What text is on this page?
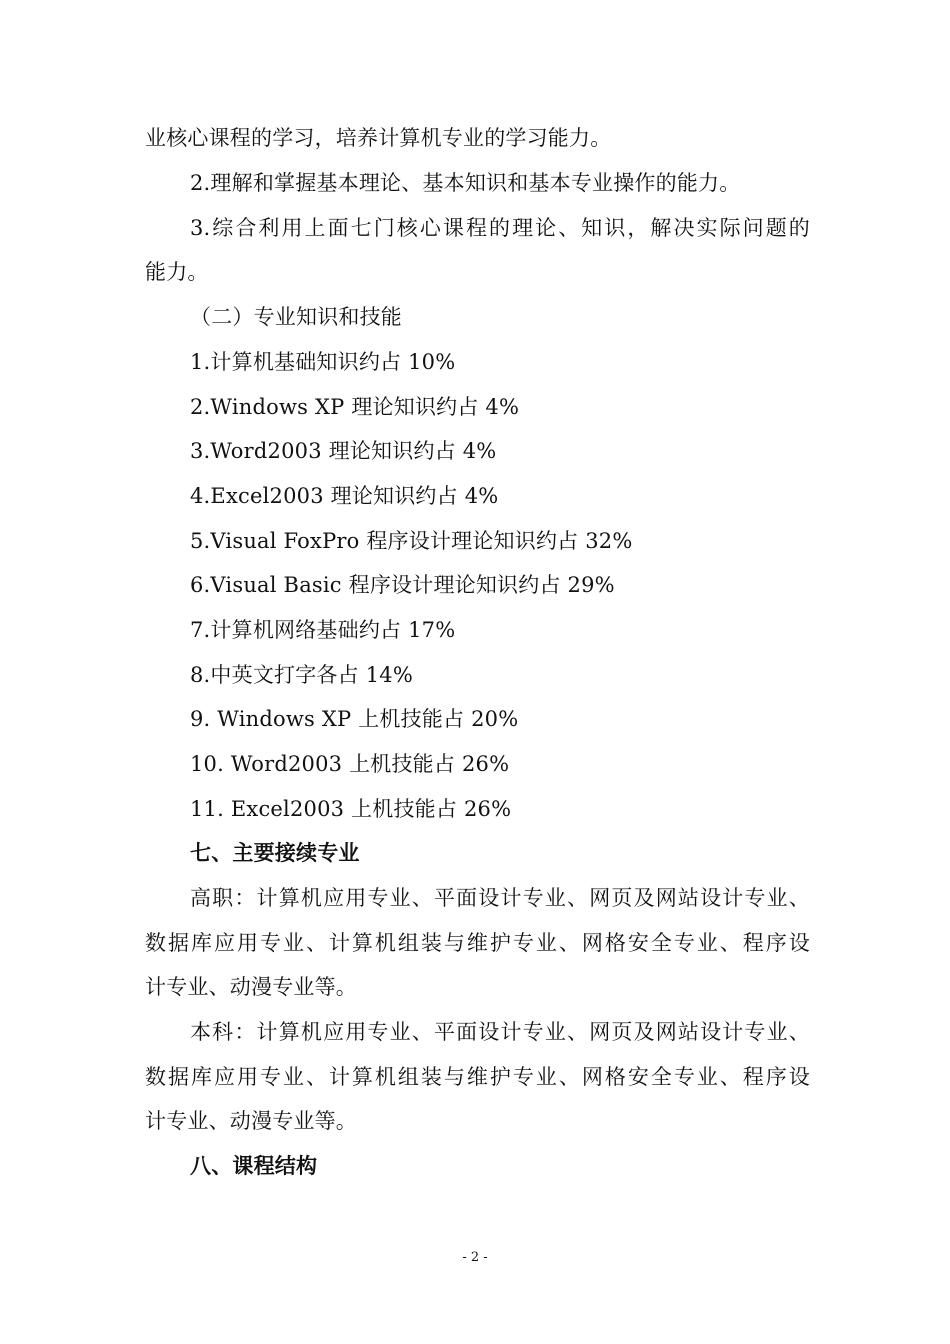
业核心课程的学习，培养计算机专业的学习能力。
2.理解和掌握基本理论、基本知识和基本专业操作的能力。
3.综合利用上面七门核心课程的理论、知识，解决实际问题的
能力。
（二）专业知识和技能
1.计算机基础知识约占 10%
2.Windows XP 理论知识约占 4%
3.Word2003 理论知识约占 4%
4.Excel2003 理论知识约占 4%
5.Visual FoxPro 程序设计理论知识约占 32%
6.Visual Basic 程序设计理论知识约占 29%
7.计算机网络基础约占 17%
8.中英文打字各占 14%
9. Windows XP 上机技能占 20%
10. Word2003 上机技能占 26%
11. Excel2003 上机技能占 26%
七、主要接续专业
高职：计算机应用专业、平面设计专业、网页及网站设计专业、
数据库应用专业、计算机组装与维护专业、网格安全专业、程序设
计专业、动漫专业等。
本科：计算机应用专业、平面设计专业、网页及网站设计专业、
数据库应用专业、计算机组装与维护专业、网格安全专业、程序设
计专业、动漫专业等。
八、课程结构
- 2 -
